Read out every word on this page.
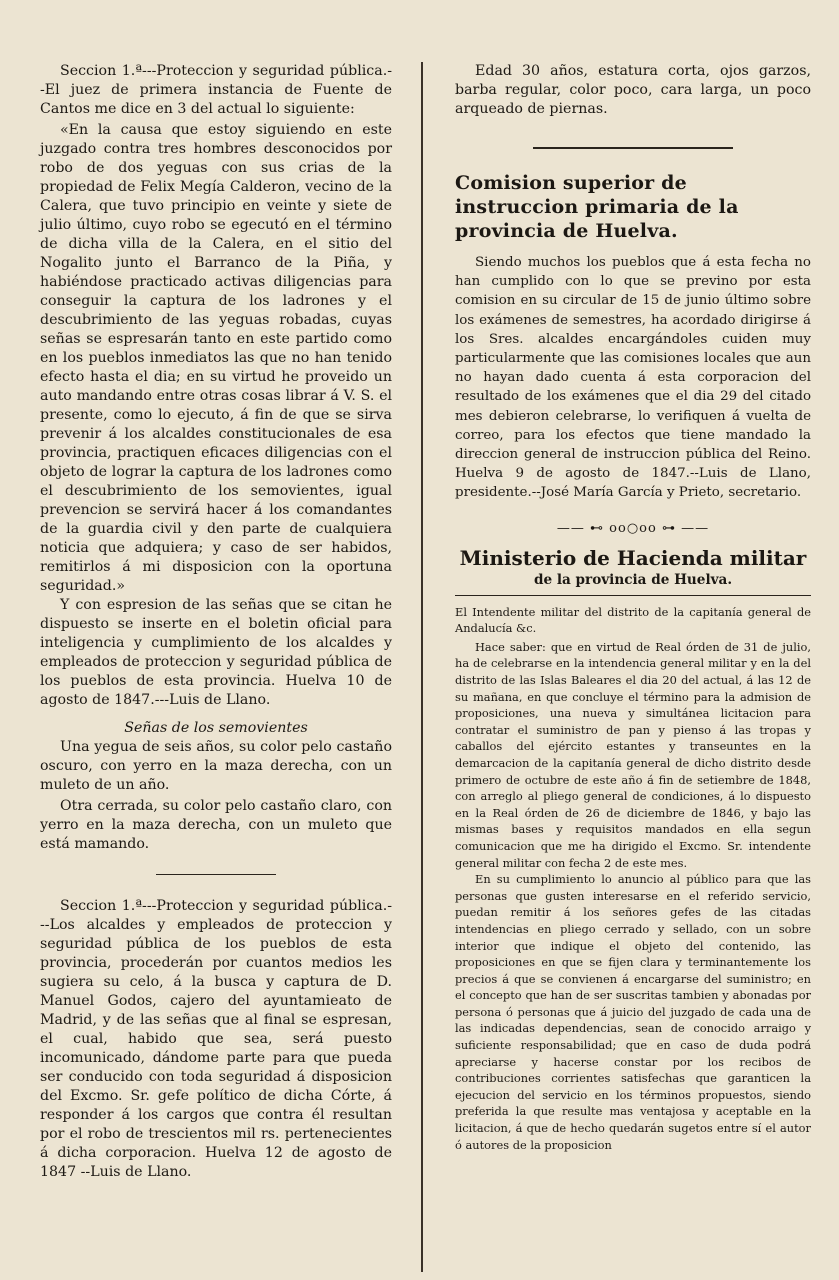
Seccion 1.ª---Proteccion y seguridad pública.--El juez de primera instancia de Fuente de Cantos me dice en 3 del actual lo siguiente:

«En la causa que estoy siguiendo en este juzgado contra tres hombres desconocidos por robo de dos yeguas con sus crias de la propiedad de Felix Megía Calderon, vecino de la Calera, que tuvo principio en veinte y siete de julio último, cuyo robo se egecutó en el término de dicha villa de la Calera, en el sitio del Nogalito junto el Barranco de la Piña, y habiéndose practicado activas diligencias para conseguir la captura de los ladrones y el descubrimiento de las yeguas robadas, cuyas señas se espresarán tanto en este partido como en los pueblos inmediatos las que no han tenido efecto hasta el dia; en su virtud he proveido un auto mandando entre otras cosas librar á V. S. el presente, como lo ejecuto, á fin de que se sirva prevenir á los alcaldes constitucionales de esa provincia, practiquen eficaces diligencias con el objeto de lograr la captura de los ladrones como el descubrimiento de los semovientes, igual prevencion se servirá hacer á los comandantes de la guardia civil y den parte de cualquiera noticia que adquiera; y caso de ser habidos, remitirlos á mi disposicion con la oportuna seguridad.»

Y con espresion de las señas que se citan he dispuesto se inserte en el boletin oficial para inteligencia y cumplimiento de los alcaldes y empleados de proteccion y seguridad pública de los pueblos de esta provincia. Huelva 10 de agosto de 1847.---Luis de Llano.

Señas de los semovientes

Una yegua de seis años, su color pelo castaño oscuro, con yerro en la maza derecha, con un muleto de un año.

Otra cerrada, su color pelo castaño claro, con yerro en la maza derecha, con un muleto que está mamando.

Seccion 1.ª---Proteccion y seguridad pública.---Los alcaldes y empleados de proteccion y seguridad pública de los pueblos de esta provincia, procederán por cuantos medios les sugiera su celo, á la busca y captura de D. Manuel Godos, cajero del ayuntamieato de Madrid, y de las señas que al final se espresan, el cual, habido que sea, será puesto incomunicado, dándome parte para que pueda ser conducido con toda seguridad á disposicion del Excmo. Sr. gefe político de dicha Córte, á responder á los cargos que contra él resultan por el robo de trescientos mil rs. pertenecientes á dicha corporacion. Huelva 12 de agosto de 1847 --Luis de Llano.

Edad 30 años, estatura corta, ojos garzos, barba regular, color poco, cara larga, un poco arqueado de piernas.

Comision superior de instruccion primaria de la provincia de Huelva.

Siendo muchos los pueblos que á esta fecha no han cumplido con lo que se previno por esta comision en su circular de 15 de junio último sobre los exámenes de semestres, ha acordado dirigirse á los Sres. alcaldes encargándoles cuiden muy particularmente que las comisiones locales que aun no hayan dado cuenta á esta corporacion del resultado de los exámenes que el dia 29 del citado mes debieron celebrarse, lo verifiquen á vuelta de correo, para los efectos que tiene mandado la direccion general de instruccion pública del Reino. Huelva 9 de agosto de 1847.--Luis de Llano, presidente.--José María García y Prieto, secretario.

—— ⊷ oo○oo ⊶ ——

Ministerio de Hacienda militar

de la provincia de Huelva.

El Intendente militar del distrito de la capitanía general de Andalucía &c.

Hace saber: que en virtud de Real órden de 31 de julio, ha de celebrarse en la intendencia general militar y en la del distrito de las Islas Baleares el dia 20 del actual, á las 12 de su mañana, en que concluye el término para la admision de proposiciones, una nueva y simultánea licitacion para contratar el suministro de pan y pienso á las tropas y caballos del ejército estantes y transeuntes en la demarcacion de la capitanía general de dicho distrito desde primero de octubre de este año á fin de setiembre de 1848, con arreglo al pliego general de condiciones, á lo dispuesto en la Real órden de 26 de diciembre de 1846, y bajo las mismas bases y requisitos mandados en ella segun comunicacion que me ha dirigido el Excmo. Sr. intendente general militar con fecha 2 de este mes.

En su cumplimiento lo anuncio al público para que las personas que gusten interesarse en el referido servicio, puedan remitir á los señores gefes de las citadas intendencias en pliego cerrado y sellado, con un sobre interior que indique el objeto del contenido, las proposiciones en que se fijen clara y terminantemente los precios á que se convienen á encargarse del suministro; en el concepto que han de ser suscritas tambien y abonadas por persona ó personas que á juicio del juzgado de cada una de las indicadas dependencias, sean de conocido arraigo y suficiente responsabilidad; que en caso de duda podrá apreciarse y hacerse constar por los recibos de contribuciones corrientes satisfechas que garanticen la ejecucion del servicio en los términos propuestos, siendo preferida la que resulte mas ventajosa y aceptable en la licitacion, á que de hecho quedarán sugetos entre sí el autor ó autores de la proposicion
